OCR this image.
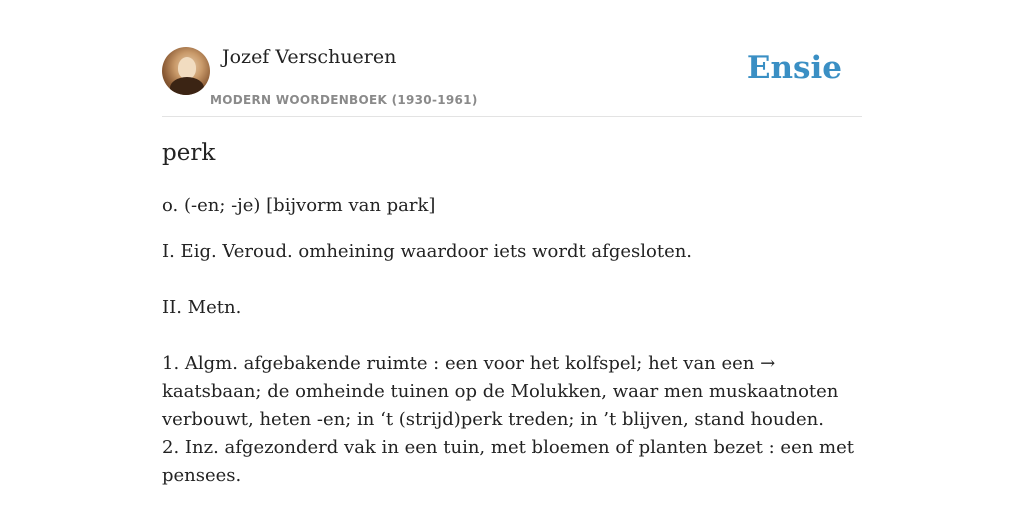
Jozef Verschueren
MODERN WOORDENBOEK (1930-1961)
Ensie
perk

o. (-en; -je) [bijvorm van park]

I. Eig. Veroud. omheining waardoor iets wordt afgesloten.

II. Metn.

1. Algm. afgebakende ruimte : een voor het kolfspel; het van een → kaatsbaan; de omheinde tuinen op de Molukken, waar men muskaatnoten verbouwt, heten -en; in ‘t (strijd)perk treden; in ’t blijven, stand houden.

2. Inz. afgezonderd vak in een tuin, met bloemen of planten bezet : een met pensees.
